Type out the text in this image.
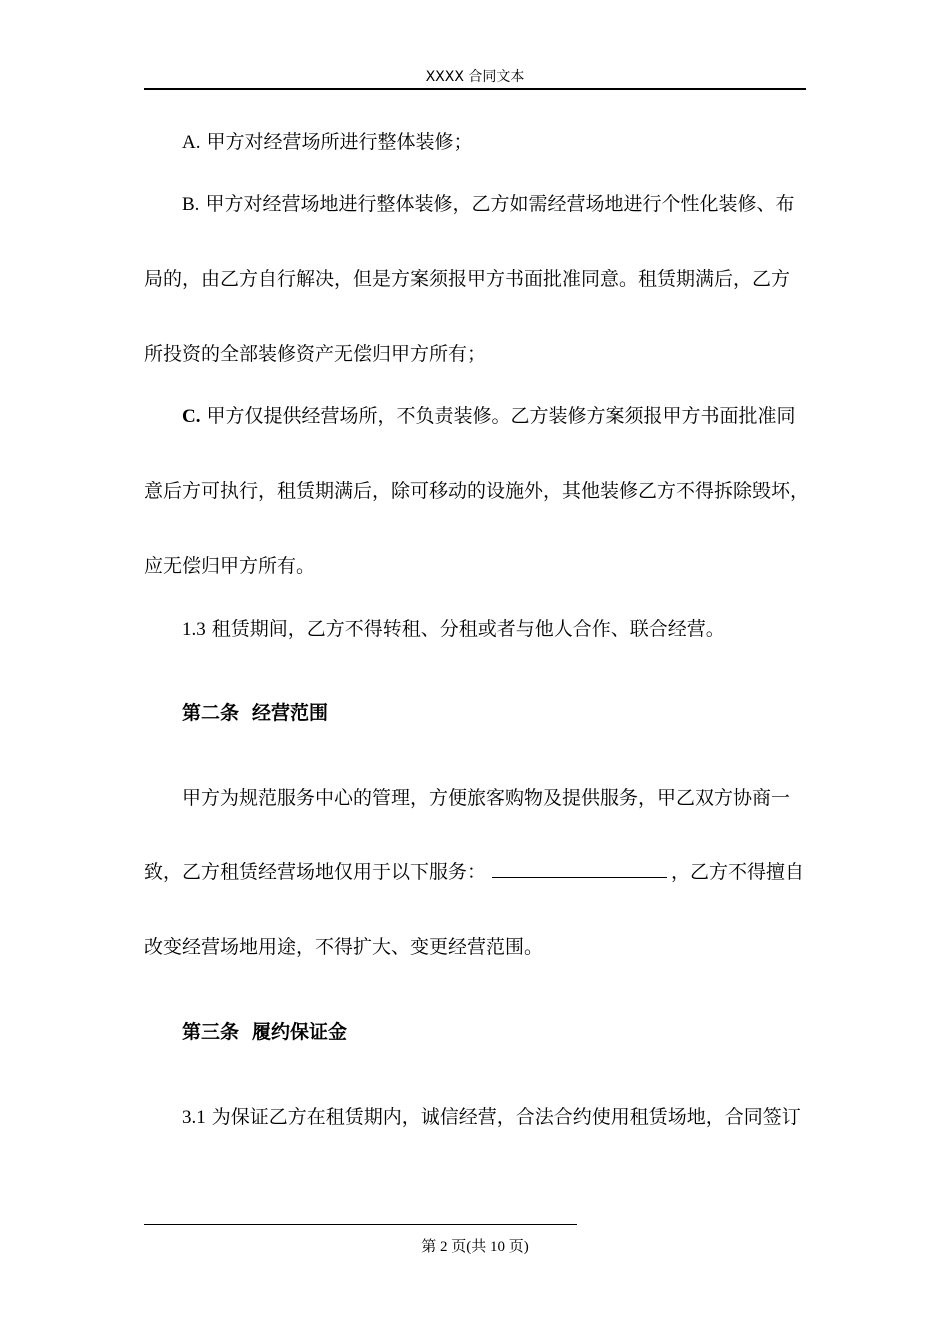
XXXX 合同文本
A. 甲方对经营场所进行整体装修；
B. 甲方对经营场地进行整体装修，乙方如需经营场地进行个性化装修、布
局的，由乙方自行解决，但是方案须报甲方书面批准同意。租赁期满后，乙方
所投资的全部装修资产无偿归甲方所有；
C. 甲方仅提供经营场所，不负责装修。乙方装修方案须报甲方书面批准同
意后方可执行，租赁期满后，除可移动的设施外，其他装修乙方不得拆除毁坏，
应无偿归甲方所有。
1.3 租赁期间，乙方不得转租、分租或者与他人合作、联合经营。
第二条 经营范围
甲方为规范服务中心的管理，方便旅客购物及提供服务，甲乙双方协商一
致，乙方租赁经营场地仅用于以下服务：	，乙方不得擅自
改变经营场地用途，不得扩大、变更经营范围。
第三条 履约保证金
3.1 为保证乙方在租赁期内，诚信经营，合法合约使用租赁场地，合同签订
第 2 页(共 10 页)
